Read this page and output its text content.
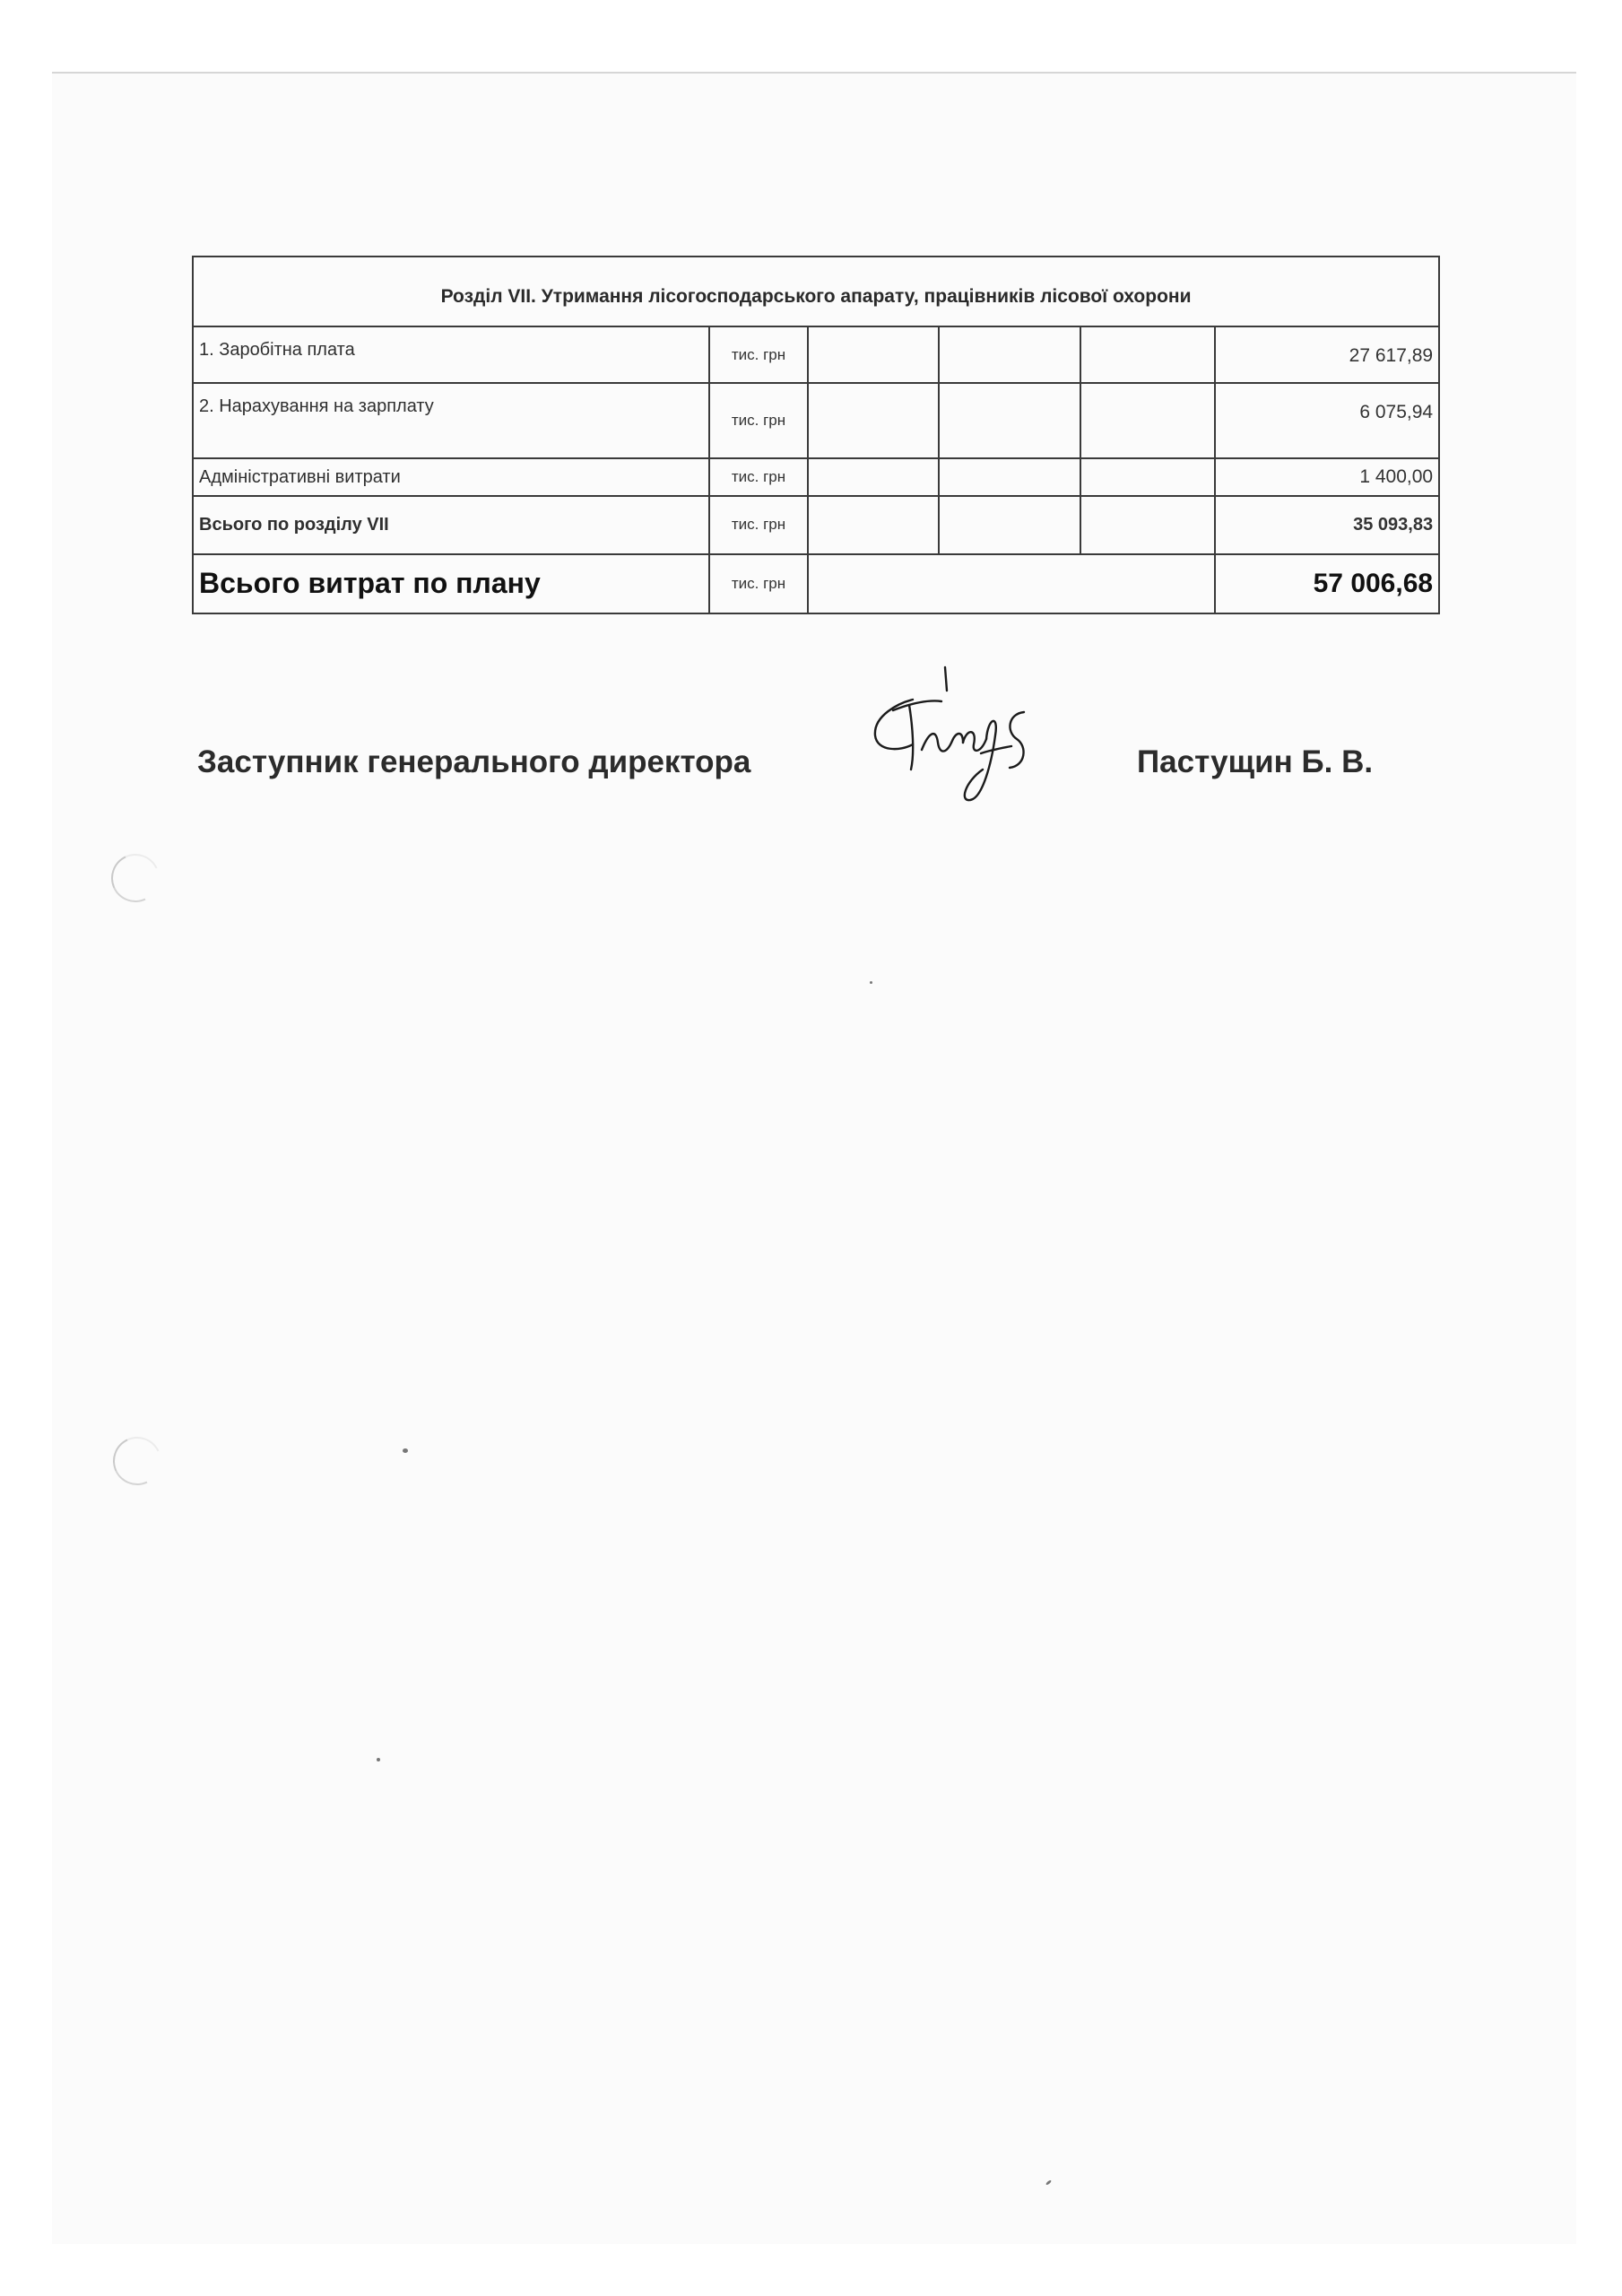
Розділ VII. Утримання лісогосподарського апарату, працівників лісової охорони					
1. Заробітна плата	тис. грн				27 617,89
2. Нарахування на зарплату	тис. грн				6 075,94
Адміністративні витрати	тис. грн				1 400,00
Всього по розділу VII	тис. грн				35 093,83
Всього витрат по плану	тис. грн				57 006,68
Заступник генерального директора	Пастущин Б. В.
